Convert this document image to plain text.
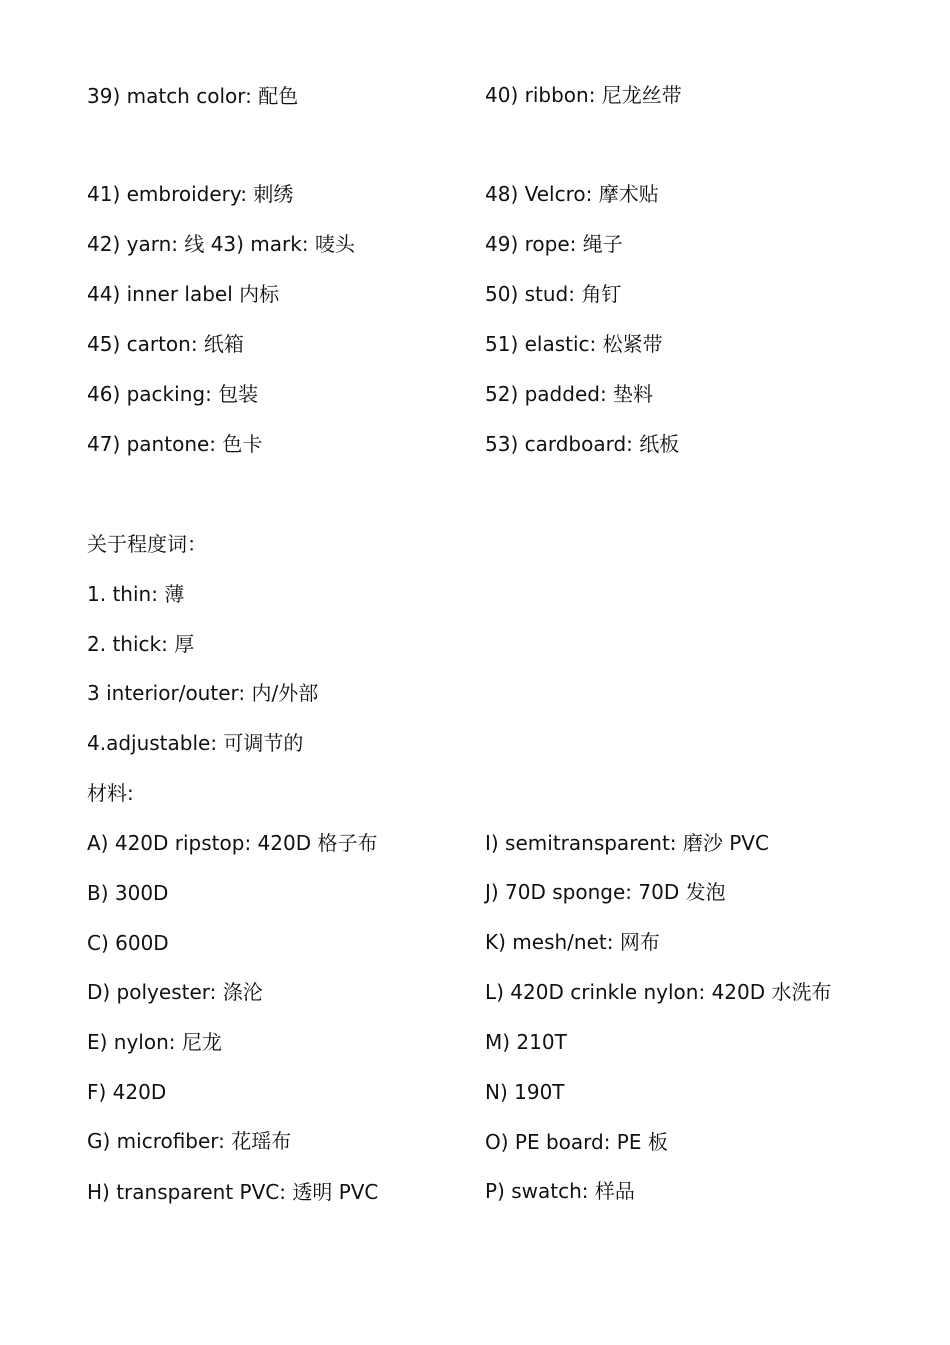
39) match color: 配色	40) ribbon: 尼龙丝带
41) embroidery: 刺绣	48) Velcro: 摩术贴
42) yarn: 线 43) mark: 唛头	49) rope: 绳子
44) inner label 内标	50) stud: 角钉
45) carton: 纸箱	51) elastic: 松紧带
46) packing: 包装	52) padded: 垫料
47) pantone: 色卡	53) cardboard: 纸板
关于程度词：
1. thin: 薄
2. thick: 厚
3 interior/outer: 内/外部
4.adjustable: 可调节的
材料:
A) 420D ripstop: 420D 格子布	I) semitransparent: 磨沙 PVC
B) 300D	J) 70D sponge: 70D 发泡
C) 600D	K) mesh/net: 网布
D) polyester: 涤沦	L) 420D crinkle nylon: 420D 水洗布
E) nylon: 尼龙	M) 210T
F) 420D	N) 190T
G) microfiber: 花瑶布	O) PE board: PE 板
H) transparent PVC: 透明 PVC	P) swatch: 样品
